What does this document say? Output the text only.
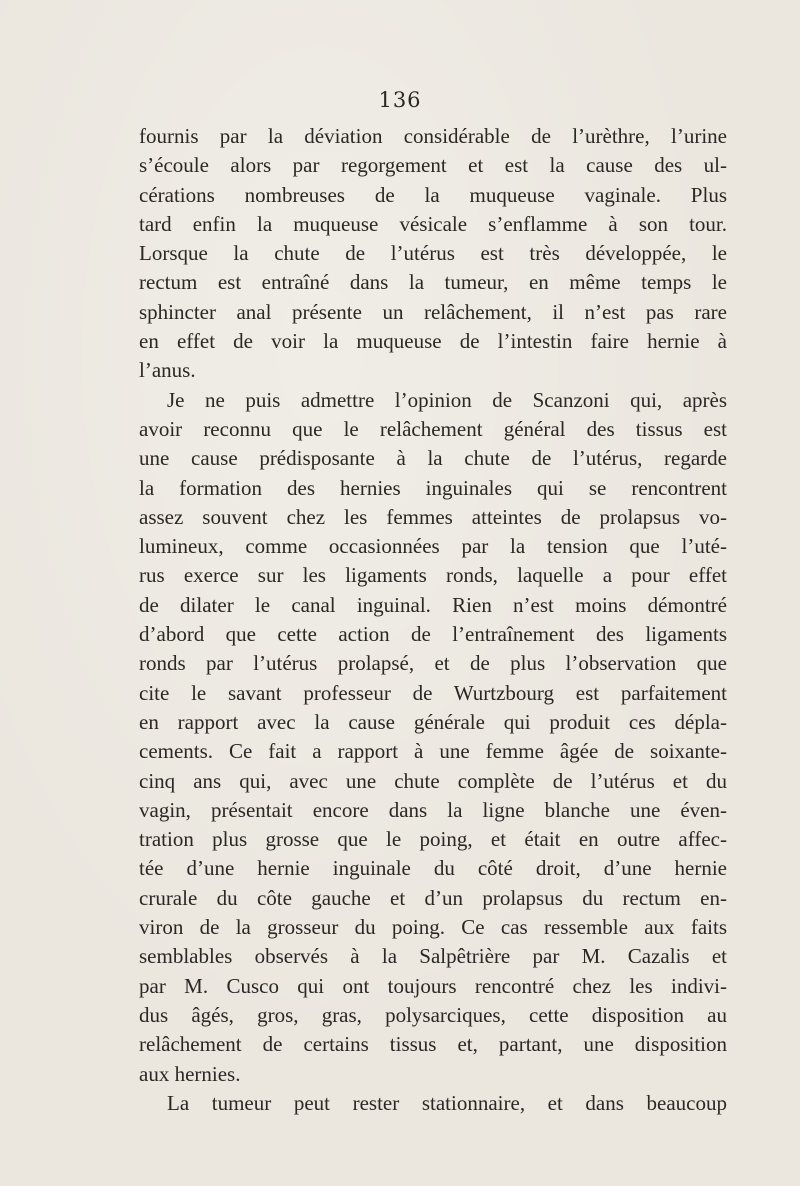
136
fournis par la déviation considérable de l’urèthre, l’urine
s’écoule alors par regorgement et est la cause des ul-
cérations nombreuses de la muqueuse vaginale. Plus
tard enfin la muqueuse vésicale s’enflamme à son tour.
Lorsque la chute de l’utérus est très développée, le
rectum est entraîné dans la tumeur, en même temps le
sphincter anal présente un relâchement, il n’est pas rare
en effet de voir la muqueuse de l’intestin faire hernie à
l’anus.
Je ne puis admettre l’opinion de Scanzoni qui, après
avoir reconnu que le relâchement général des tissus est
une cause prédisposante à la chute de l’utérus, regarde
la formation des hernies inguinales qui se rencontrent
assez souvent chez les femmes atteintes de prolapsus vo-
lumineux, comme occasionnées par la tension que l’uté-
rus exerce sur les ligaments ronds, laquelle a pour effet
de dilater le canal inguinal. Rien n’est moins démontré
d’abord que cette action de l’entraînement des ligaments
ronds par l’utérus prolapsé, et de plus l’observation que
cite le savant professeur de Wurtzbourg est parfaitement
en rapport avec la cause générale qui produit ces dépla-
cements. Ce fait a rapport à une femme âgée de soixante-
cinq ans qui, avec une chute complète de l’utérus et du
vagin, présentait encore dans la ligne blanche une éven-
tration plus grosse que le poing, et était en outre affec-
tée d’une hernie inguinale du côté droit, d’une hernie
crurale du côte gauche et d’un prolapsus du rectum en-
viron de la grosseur du poing. Ce cas ressemble aux faits
semblables observés à la Salpêtrière par M. Cazalis et
par M. Cusco qui ont toujours rencontré chez les indivi-
dus âgés, gros, gras, polysarciques, cette disposition au
relâchement de certains tissus et, partant, une disposition
aux hernies.
La tumeur peut rester stationnaire, et dans beaucoup
